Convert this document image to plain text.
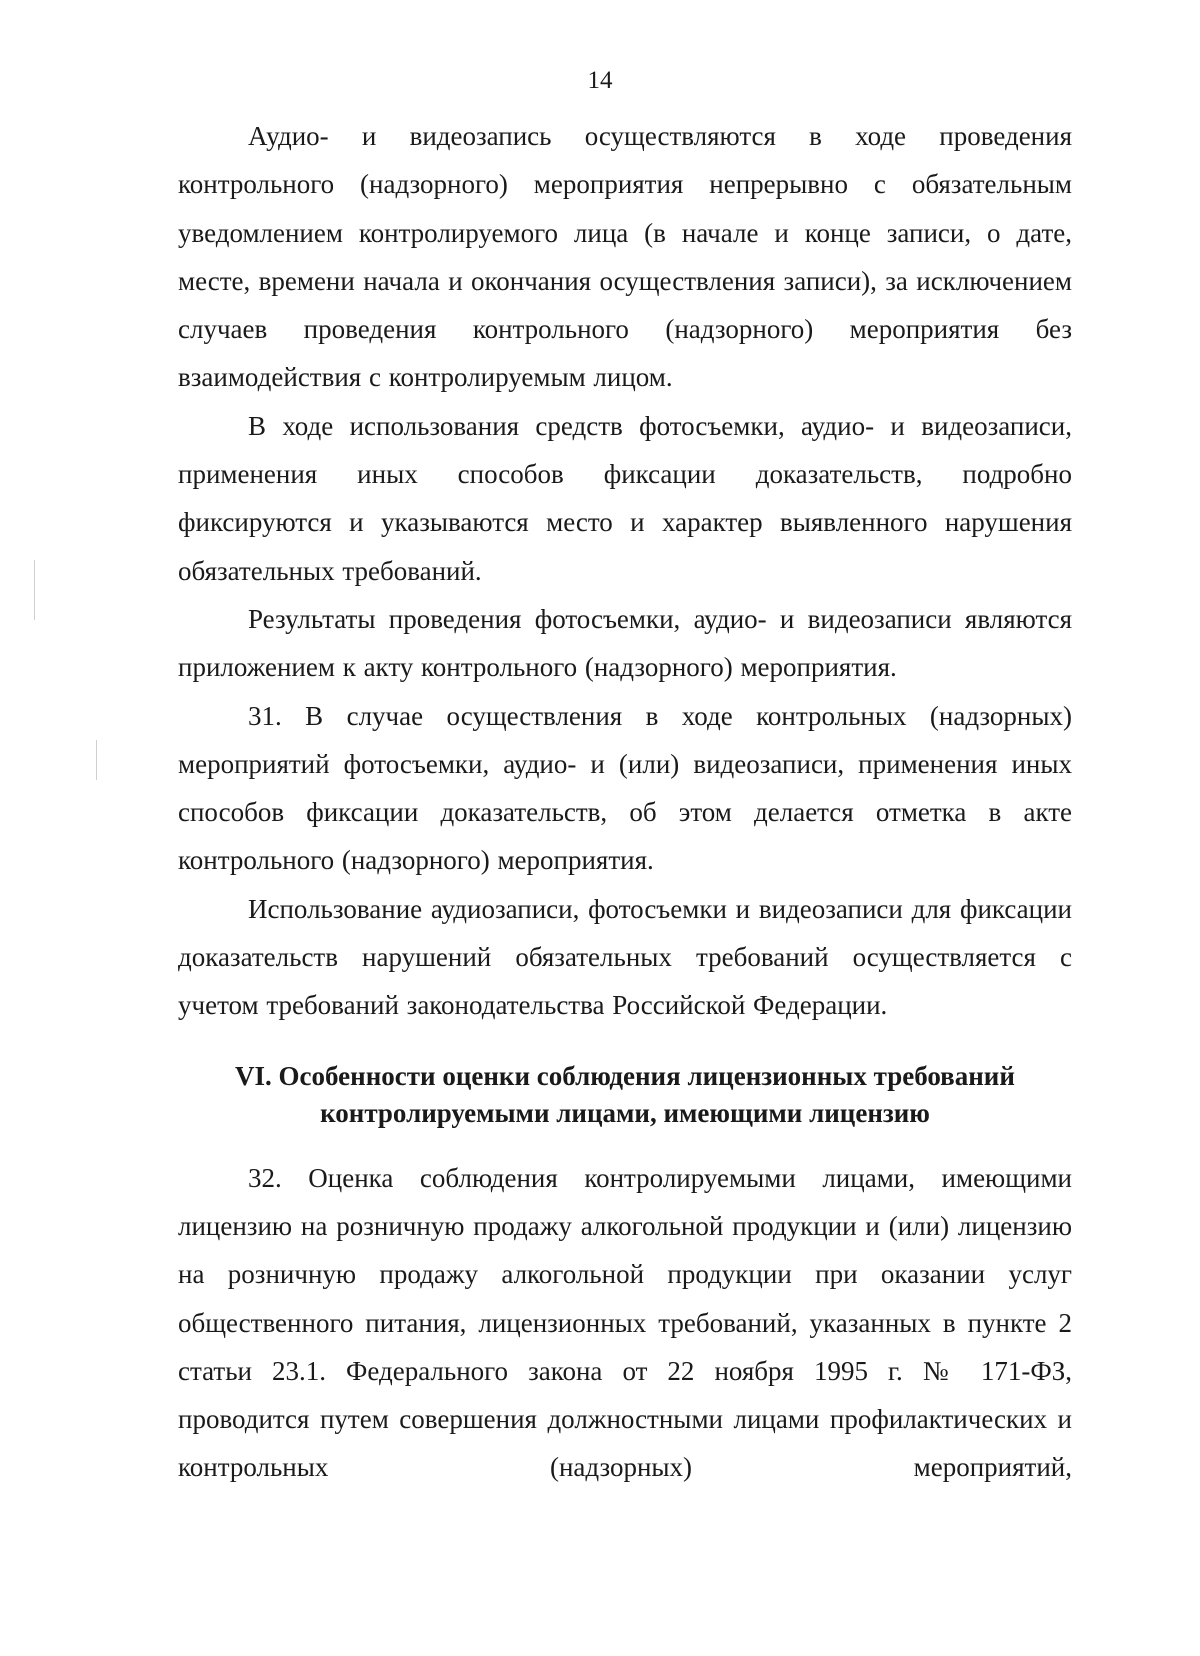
14

Аудио- и видеозапись осуществляются в ходе проведения контрольного (надзорного) мероприятия непрерывно с обязательным уведомлением контролируемого лица (в начале и конце записи, о дате, месте, времени начала и окончания осуществления записи), за исключением случаев проведения контрольного (надзорного) мероприятия без взаимодействия с контролируемым лицом.

В ходе использования средств фотосъемки, аудио- и видеозаписи, применения иных способов фиксации доказательств, подробно фиксируются и указываются место и характер выявленного нарушения обязательных требований.

Результаты проведения фотосъемки, аудио- и видеозаписи являются приложением к акту контрольного (надзорного) мероприятия.

31. В случае осуществления в ходе контрольных (надзорных) мероприятий фотосъемки, аудио- и (или) видеозаписи, применения иных способов фиксации доказательств, об этом делается отметка в акте контрольного (надзорного) мероприятия.

Использование аудиозаписи, фотосъемки и видеозаписи для фиксации доказательств нарушений обязательных требований осуществляется с учетом требований законодательства Российской Федерации.

VI. Особенности оценки соблюдения лицензионных требований
контролируемыми лицами, имеющими лицензию

32. Оценка соблюдения контролируемыми лицами, имеющими лицензию на розничную продажу алкогольной продукции и (или) лицензию на розничную продажу алкогольной продукции при оказании услуг общественного питания, лицензионных требований, указанных в пункте 2 статьи 23.1. Федерального закона от 22 ноября 1995 г. № 171-ФЗ, проводится путем совершения должностными лицами профилактических и контрольных (надзорных) мероприятий,
